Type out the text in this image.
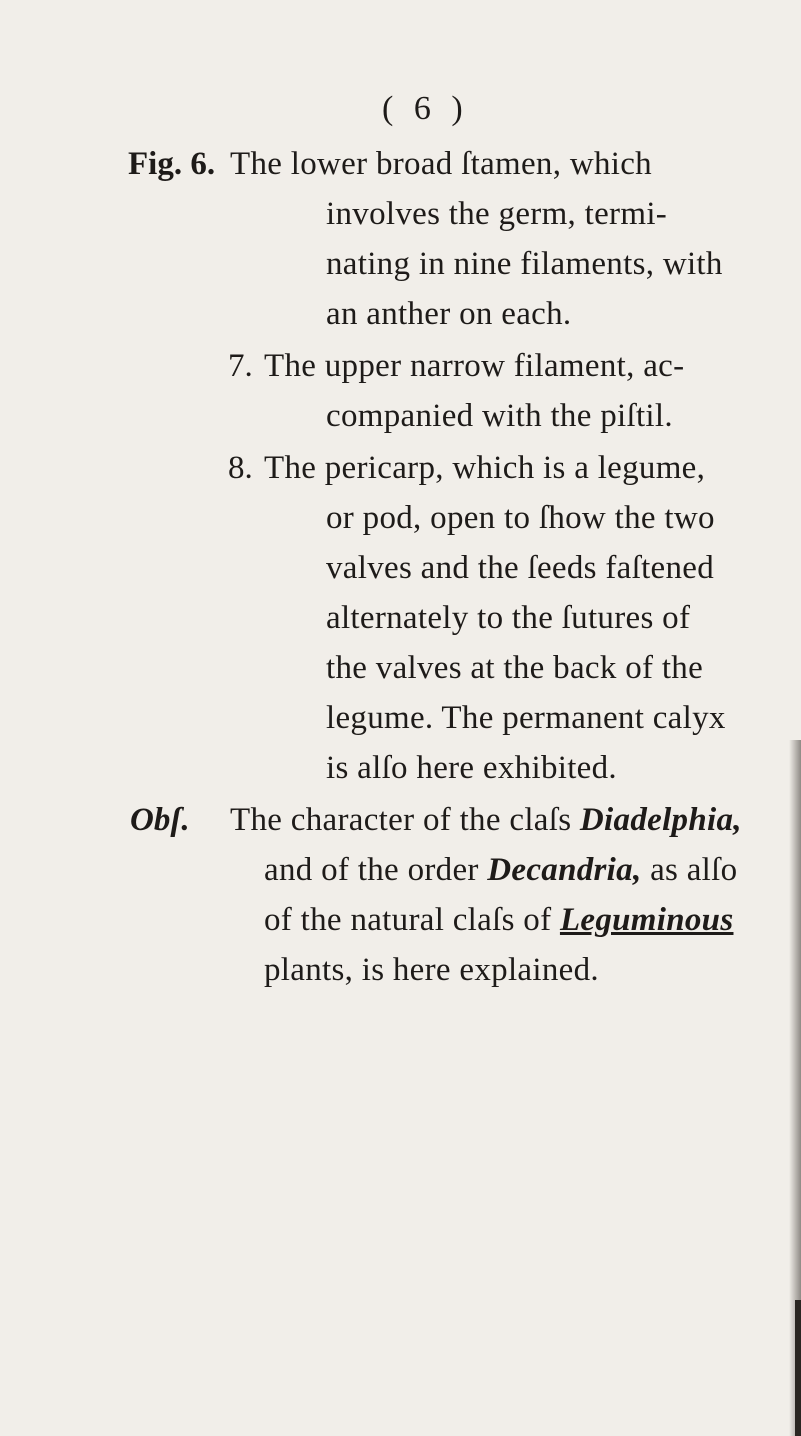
( 6 )
Fig. 6. The lower broad ſtamen, which
involves the germ, termi-
nating in nine filaments, with
an anther on each.
7. The upper narrow filament, ac-
companied with the piſtil.
8. The pericarp, which is a legume,
or pod, open to ſhow the two
valves and the ſeeds faſtened
alternately to the ſutures of
the valves at the back of the
legume. The permanent calyx
is alſo here exhibited.
Obſ. The character of the claſs Diadelphia,
and of the order Decandria, as alſo
of the natural claſs of Leguminous
plants, is here explained.
